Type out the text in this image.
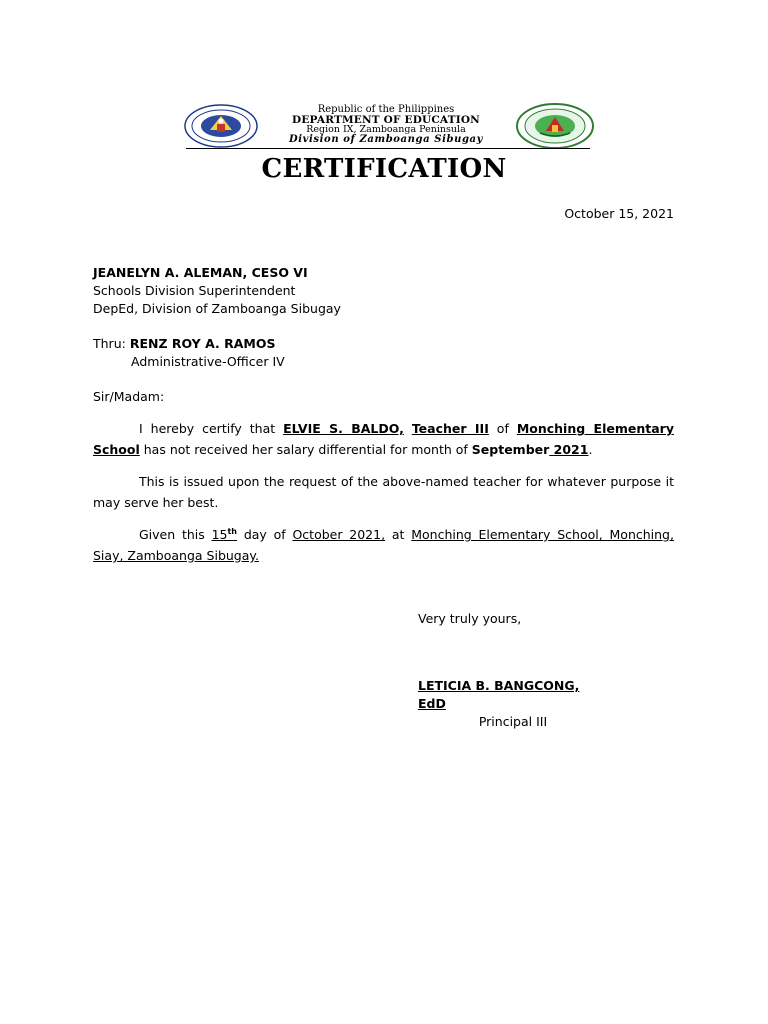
Republic of the Philippines
DEPARTMENT OF EDUCATION
Region IX, Zamboanga Peninsula
Division of Zamboanga Sibugay
CERTIFICATION
October 15, 2021
JEANELYN A. ALEMAN, CESO VI
Schools Division Superintendent
DepEd, Division of Zamboanga Sibugay
Thru: RENZ ROY A. RAMOS
Administrative-Officer IV
Sir/Madam:
I hereby certify that ELVIE S. BALDO, Teacher III of Monching Elementary School has not received her salary differential for month of September 2021.
This is issued upon the request of the above-named teacher for whatever purpose it may serve her best.
Given this 15th day of October 2021, at Monching Elementary School, Monching, Siay, Zamboanga Sibugay.
Very truly yours,
LETICIA B. BANGCONG, EdD
Principal III
